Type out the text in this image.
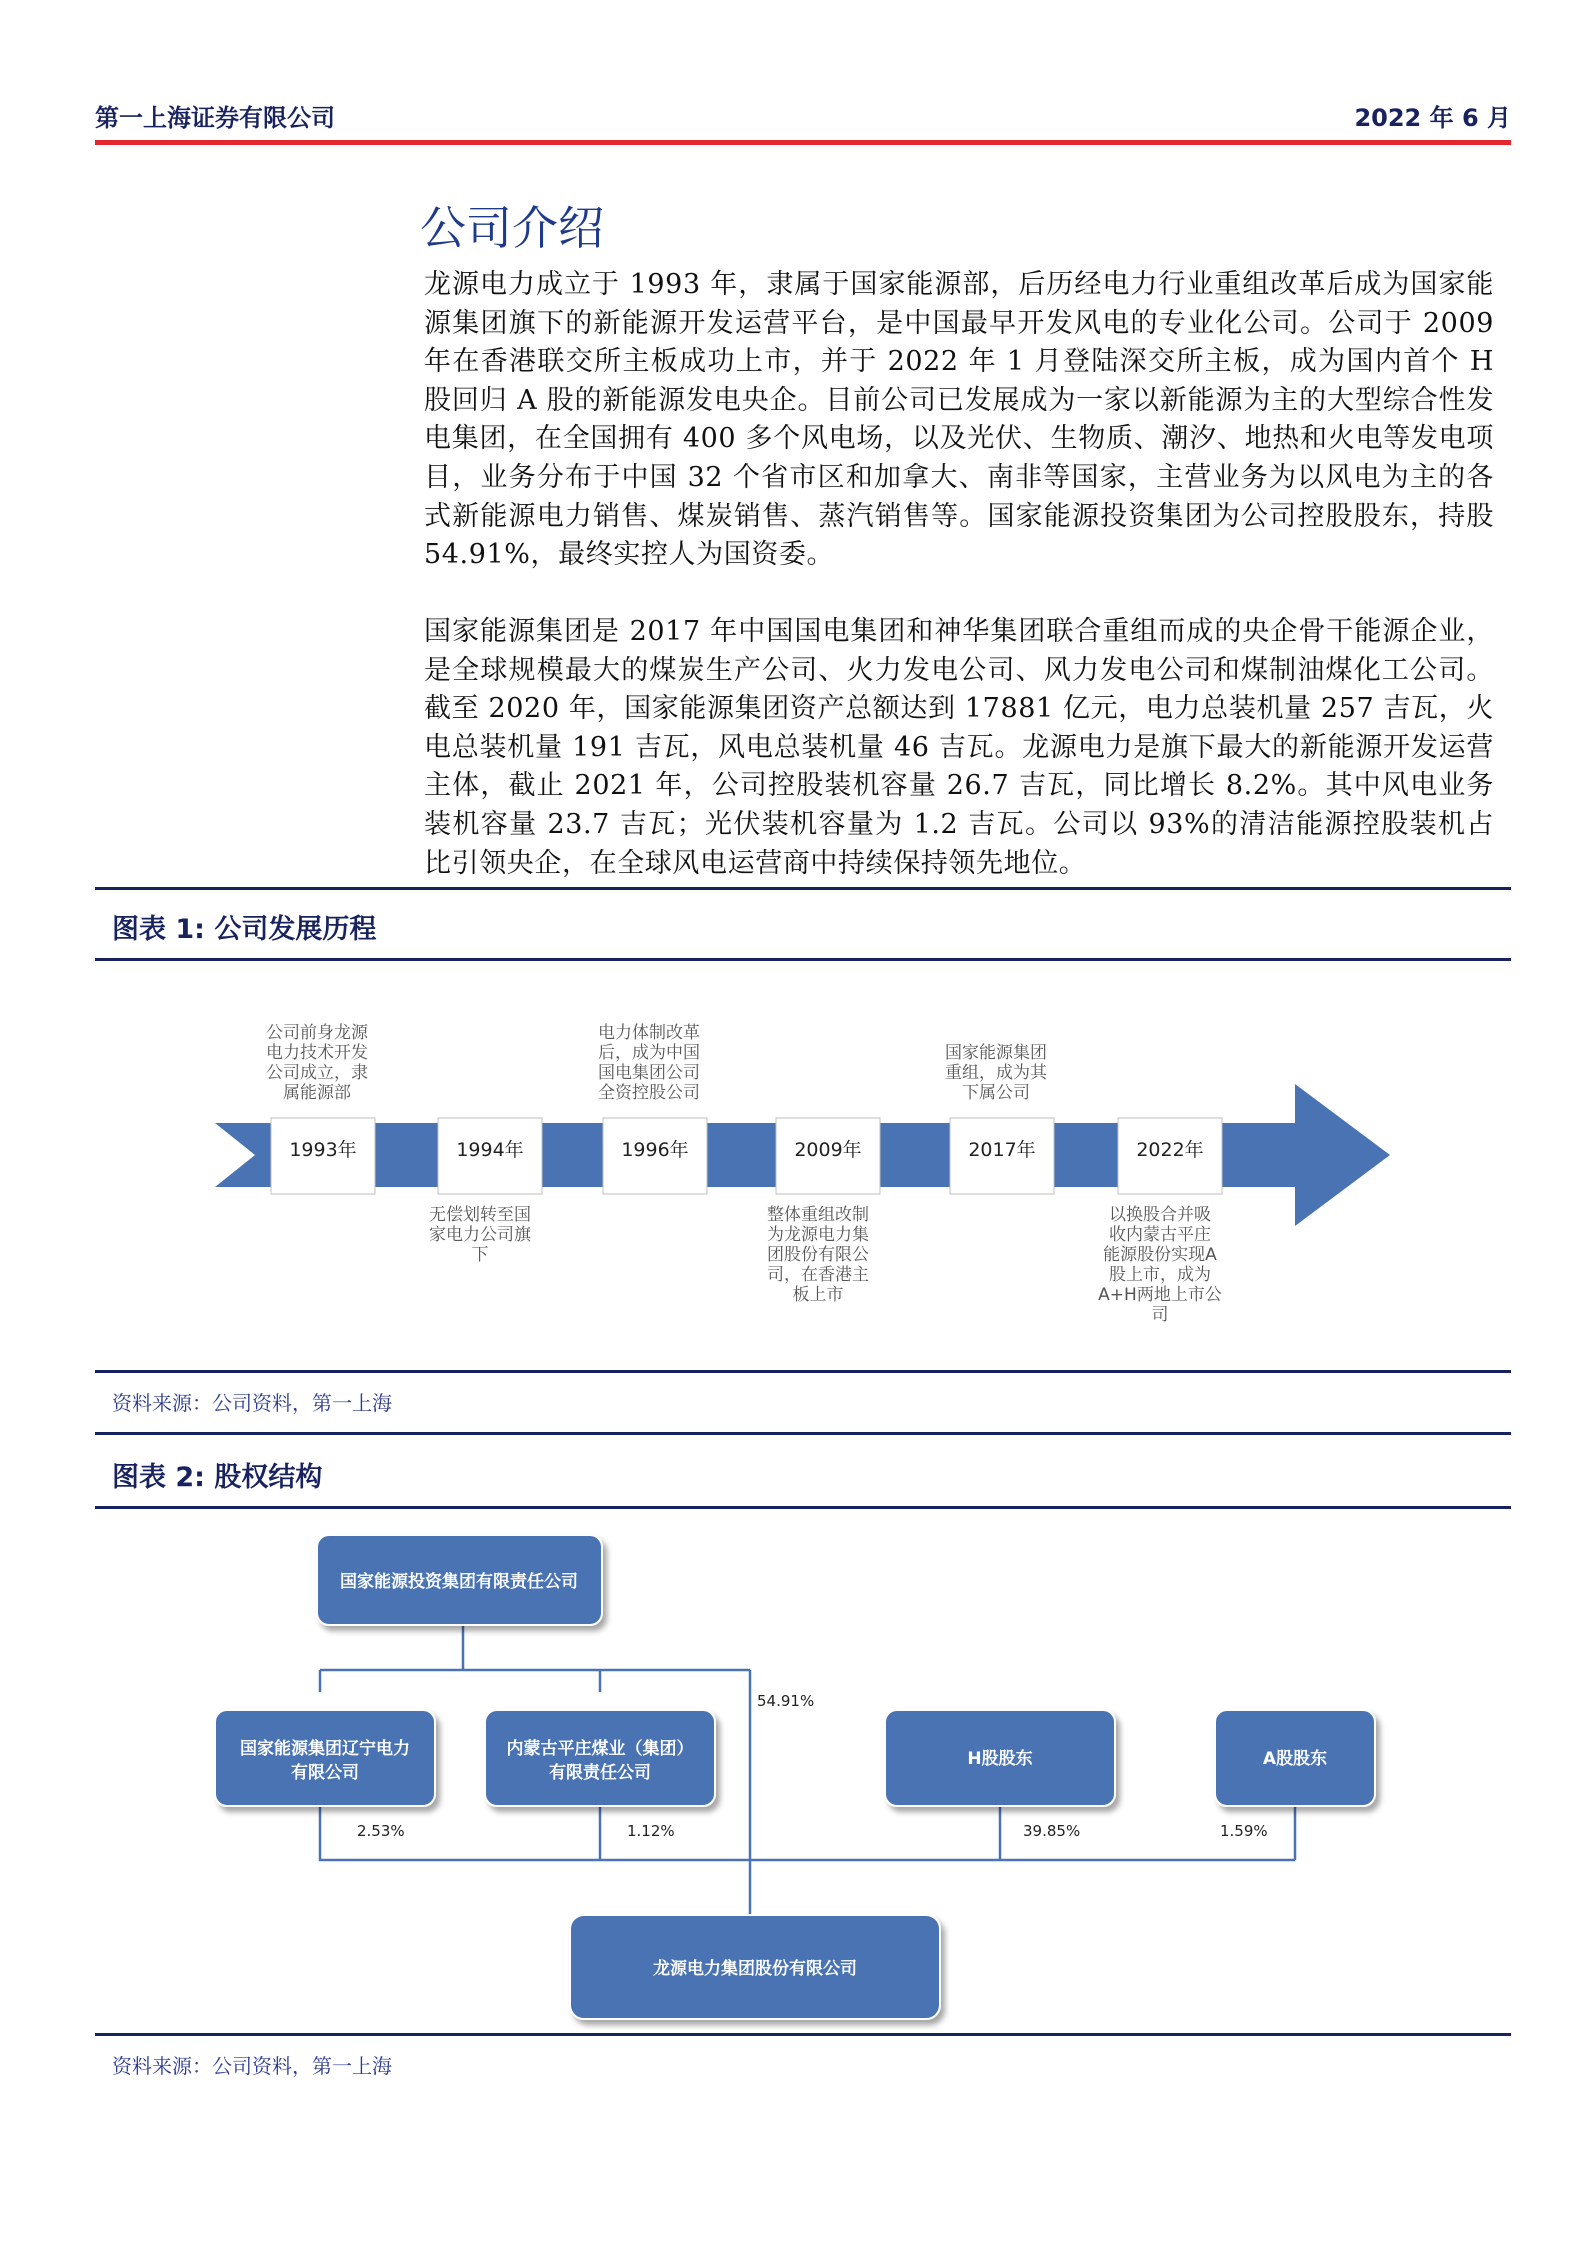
第一上海证券有限公司	2022 年 6 月
公司介绍
龙源电力成立于 1993 年，隶属于国家能源部，后历经电力行业重组改革后成为国家能源集团旗下的新能源开发运营平台，是中国最早开发风电的专业化公司。公司于 2009 年在香港联交所主板成功上市，并于 2022 年 1 月登陆深交所主板，成为国内首个 H 股回归 A 股的新能源发电央企。目前公司已发展成为一家以新能源为主的大型综合性发电集团，在全国拥有 400 多个风电场，以及光伏、生物质、潮汐、地热和火电等发电项目，业务分布于中国 32 个省市区和加拿大、南非等国家，主营业务为以风电为主的各式新能源电力销售、煤炭销售、蒸汽销售等。国家能源投资集团为公司控股股东，持股 54.91%，最终实控人为国资委。
国家能源集团是 2017 年中国国电集团和神华集团联合重组而成的央企骨干能源企业，是全球规模最大的煤炭生产公司、火力发电公司、风力发电公司和煤制油煤化工公司。截至 2020 年，国家能源集团资产总额达到 17881 亿元，电力总装机量 257 吉瓦，火电总装机量 191 吉瓦，风电总装机量 46 吉瓦。龙源电力是旗下最大的新能源开发运营主体，截止 2021 年，公司控股装机容量 26.7 吉瓦，同比增长 8.2%。其中风电业务装机容量 23.7 吉瓦；光伏装机容量为 1.2 吉瓦。公司以 93%的清洁能源控股装机占比引领央企，在全球风电运营商中持续保持领先地位。
图表 1: 公司发展历程
1993年
公司前身龙源
电力技术开发
公司成立，隶
属能源部
1994年
无偿划转至国
家电力公司旗
下
1996年
电力体制改革
后，成为中国
国电集团公司
全资控股公司
2009年
整体重组改制
为龙源电力集
团股份有限公
司，在香港主
板上市
2017年
国家能源集团
重组，成为其
下属公司
2022年
以换股合并吸
收内蒙古平庄
能源股份实现A
股上市，成为
A+H两地上市公
司
资料来源：公司资料，第一上海
图表 2: 股权结构
国家能源投资集团有限责任公司
国家能源集团辽宁电力
有限公司
内蒙古平庄煤业（集团）
有限责任公司
H股股东	A股股东
龙源电力集团股份有限公司
54.91%
2.53%	1.12%	39.85%	1.59%
资料来源：公司资料，第一上海
